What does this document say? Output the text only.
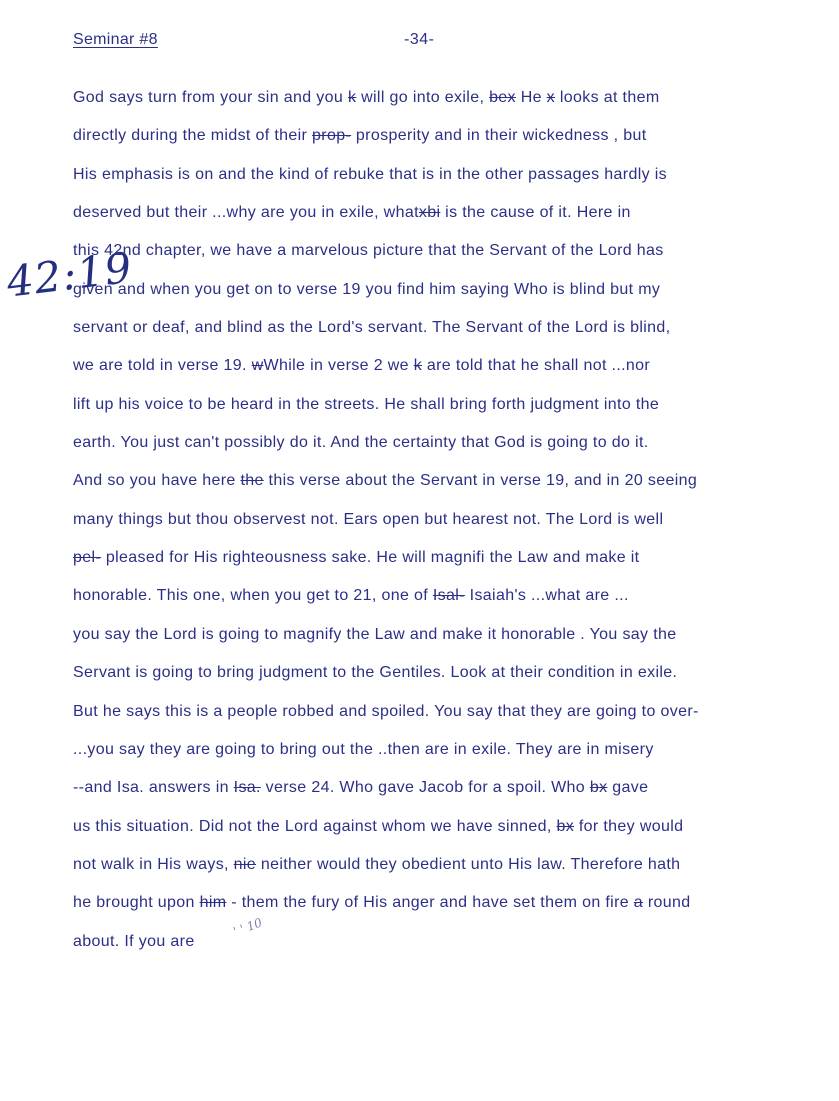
Seminar #8	-34-
42:19
' ' 10
God says turn from your sin and you k will go into exile, bex He x looks at them
directly during the midst of their prop- prosperity and in their wickedness , but
His emphasis is on and the kind of rebuke that is in the other passages hardly is
deserved but their ...why are you in exile, whatxbi is the cause of it. Here in
this 42nd chapter, we have a marvelous picture that the Servant of the Lord has
given and when you get on to verse 19 you find him saying Who is blind but my
servant or deaf, and blind as the Lord's servant. The Servant of the Lord is blind,
we are told in verse 19. wWhile in verse 2 we k are told that he shall not ...nor
lift up his voice to be heard in the streets. He shall bring forth judgment into the
earth. You just can't possibly do it. And the certainty that God is going to do it.
And so you have here the this verse about the Servant in verse 19, and in 20 seeing
many things but thou observest not. Ears open but hearest not. The Lord is well
pel- pleased for His righteousness sake. He will magnifi the Law and make it
honorable. This one, when you get to 21, one of Isal- Isaiah's ...what are ...
you say the Lord is going to magnify the Law and make it honorable . You say the
Servant is going to bring judgment to the Gentiles. Look at their condition in exile.
But he says this is a people robbed and spoiled. You say that they are going to over-
...you say they are going to bring out the ..then are in exile. They are in misery
--and Isa. answers in Isa. verse 24. Who gave Jacob for a spoil. Who bx gave
us this situation. Did not the Lord against whom we have sinned, bx for they would
not walk in His ways, nie neither would they obedient unto His law. Therefore hath
he brought upon him - them the fury of His anger and have set them on fire a round
about. If you are
